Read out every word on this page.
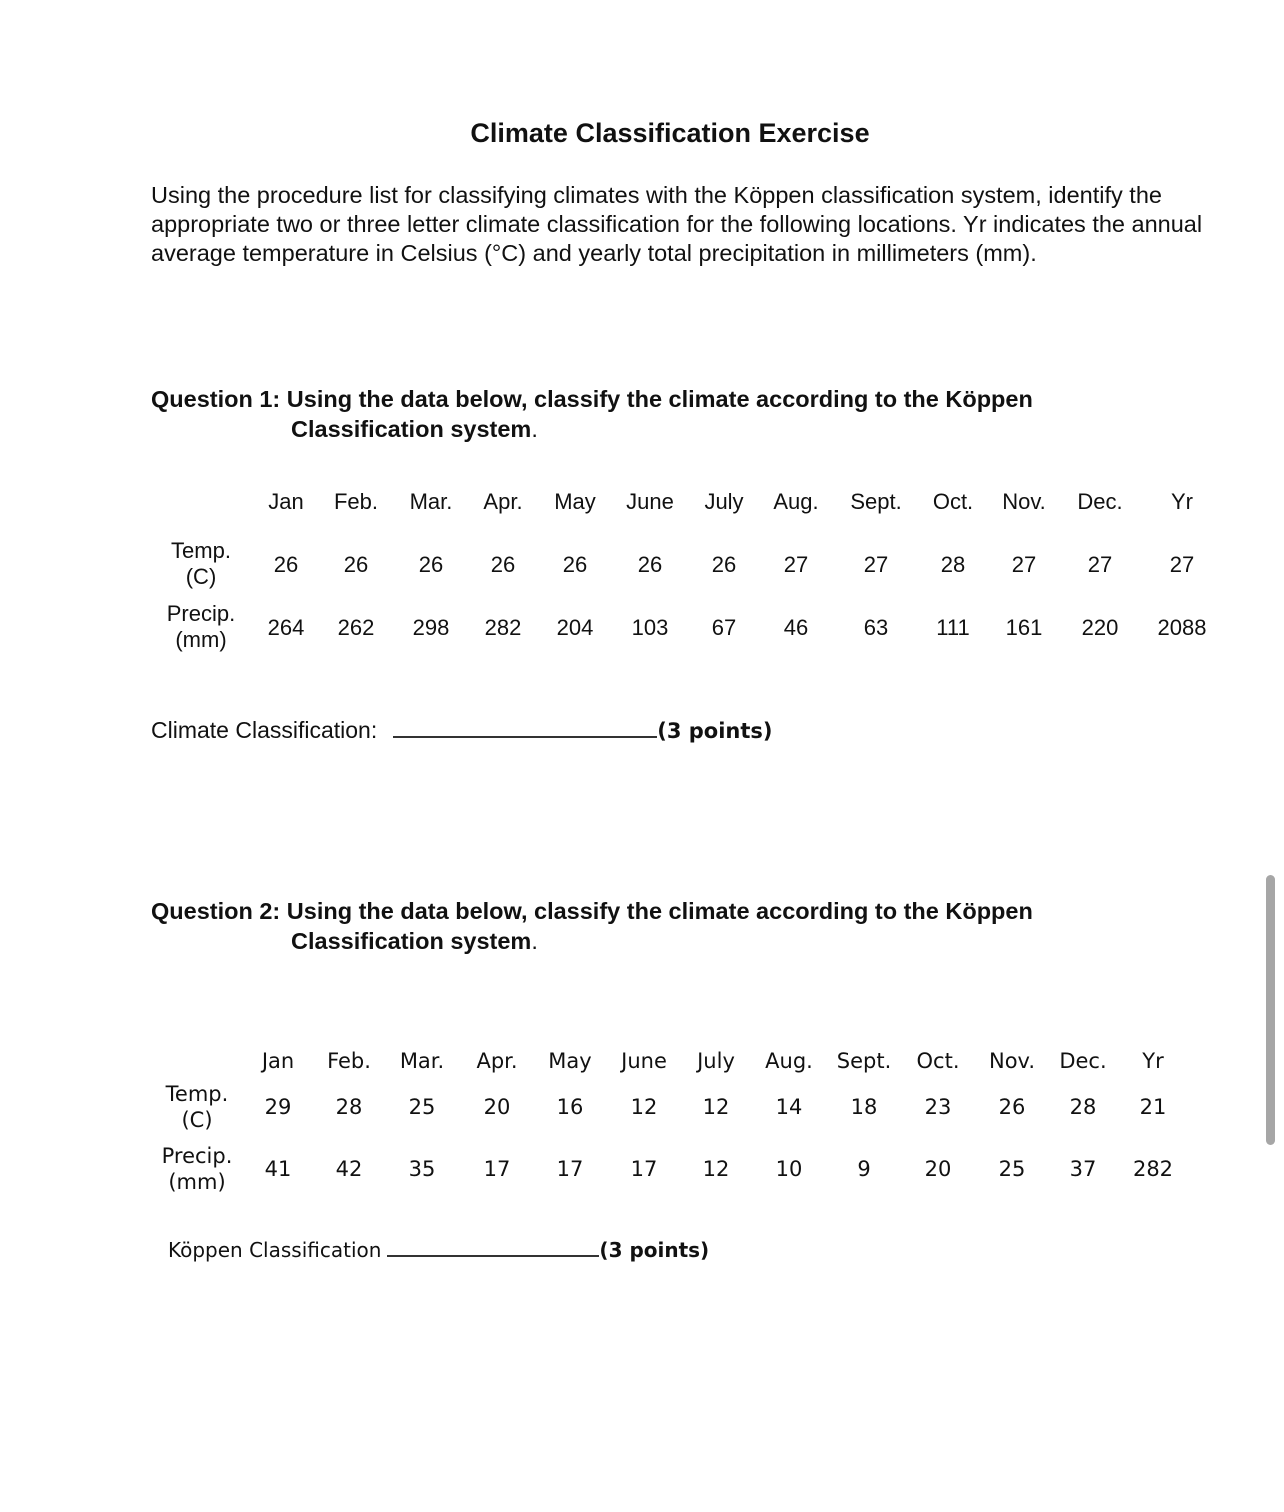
Climate Classification Exercise
Using the procedure list for classifying climates with the Köppen classification system, identify the appropriate two or three letter climate classification for the following locations. Yr indicates the annual average temperature in Celsius (°C) and yearly total precipitation in millimeters (mm).
Question 1: Using the data below, classify the climate according to the Köppen
Classification system.
Jan
26
264
Feb.
26
262
Mar.
26
298
Apr.
26
282
May
26
204
June
26
103
July
26
67
Aug.
27
46
Sept.
27
63
Oct.
28
111
Nov.
27
161
Dec.
27
220
Yr
27
2088
Temp.
(C)
Precip.
(mm)
Climate Classification:	(3 points)
Question 2: Using the data below, classify the climate according to the Köppen
Classification system.
Jan
29
41
Feb.
28
42
Mar.
25
35
Apr.
20
17
May
16
17
June
12
17
July
12
12
Aug.
14
10
Sept.
18
9
Oct.
23
20
Nov.
26
25
Dec.
28
37
Yr
21
282
Temp.
(C)
Precip.
(mm)
Köppen Classification	(3 points)
